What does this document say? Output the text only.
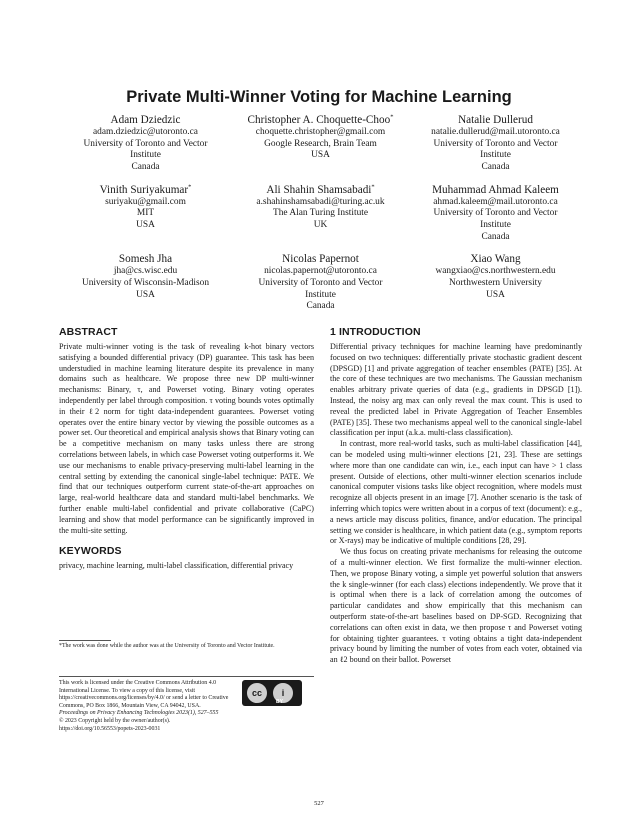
Private Multi-Winner Voting for Machine Learning
Adam Dziedzic
adam.dziedzic@utoronto.ca
University of Toronto and Vector
Institute
Canada
Christopher A. Choquette-Choo*
choquette.christopher@gmail.com
Google Research, Brain Team
USA
Natalie Dullerud
natalie.dullerud@mail.utoronto.ca
University of Toronto and Vector
Institute
Canada
Vinith Suriyakumar*
suriyaku@gmail.com
MIT
USA
Ali Shahin Shamsabadi*
a.shahinshamsabadi@turing.ac.uk
The Alan Turing Institute
UK
Muhammad Ahmad Kaleem
ahmad.kaleem@mail.utoronto.ca
University of Toronto and Vector
Institute
Canada
Somesh Jha
jha@cs.wisc.edu
University of Wisconsin-Madison
USA
Nicolas Papernot
nicolas.papernot@utoronto.ca
University of Toronto and Vector
Institute
Canada
Xiao Wang
wangxiao@cs.northwestern.edu
Northwestern University
USA
ABSTRACT

Private multi-winner voting is the task of revealing k-hot binary vectors satisfying a bounded differential privacy (DP) guarantee. This task has been understudied in machine learning literature despite its prevalence in many domains such as healthcare. We propose three new DP multi-winner mechanisms: Binary, τ, and Powerset voting. Binary voting operates independently per label through composition. τ voting bounds votes optimally in their ℓ2 norm for tight data-independent guarantees. Powerset voting operates over the entire binary vector by viewing the possible outcomes as a power set. Our theoretical and empirical analysis shows that Binary voting can be a competitive mechanism on many tasks unless there are strong correlations between labels, in which case Powerset voting outperforms it. We use our mechanisms to enable privacy-preserving multi-label learning in the central setting by extending the canonical single-label technique: PATE. We find that our techniques outperform current state-of-the-art approaches on large, real-world healthcare data and standard multi-label benchmarks. We further enable multi-label confidential and private collaborative (CaPC) learning and show that model performance can be significantly improved in the multi-site setting.

KEYWORDS

privacy, machine learning, multi-label classification, differential privacy

*The work was done while the author was at the University of Toronto and Vector Institute.
This work is licensed under the Creative Commons Attribution 4.0 International License. To view a copy of this license, visit https://creativecommons.org/licenses/by/4.0/ or send a letter to Creative Commons, PO Box 1866, Mountain View, CA 94042, USA.
Proceedings on Privacy Enhancing Technologies 2023(1), 527–555
© 2023 Copyright held by the owner/author(s).
https://doi.org/10.56553/popets-2023-0031
cc	i
BY
1 INTRODUCTION

Differential privacy techniques for machine learning have predominantly focused on two techniques: differentially private stochastic gradient descent (DPSGD) [1] and private aggregation of teacher ensembles (PATE) [35]. At the core of these techniques are two mechanisms. The Gaussian mechanism enables arbitrary private queries of data (e.g., gradients in DPSGD [1]). Instead, the noisy arg max can only reveal the max count. This is used to reveal the predicted label in Private Aggregation of Teacher Ensembles (PATE) [35]. These two mechanisms appeal well to the canonical single-label classification per input (a.k.a. multi-class classification).

In contrast, more real-world tasks, such as multi-label classification [44], can be modeled using multi-winner elections [21, 23]. These are settings where more than one candidate can win, i.e., each input can have > 1 class present. Outside of elections, other multi-winner election scenarios include canonical computer visions tasks like object recognition, where models must recognize all objects present in an image [7]. Another scenario is the task of inferring which topics were written about in a corpus of text (document): e.g., a news article may discuss politics, finance, and/or education. The principal setting we consider is healthcare, in which patient data (e.g., symptom reports or X-rays) may be indicative of multiple conditions [28, 29].

We thus focus on creating private mechanisms for releasing the outcome of a multi-winner election. We first formalize the multi-winner election. Then, we propose Binary voting, a simple yet powerful solution that answers the k single-winner (for each class) elections independently. We prove that it is optimal when there is a lack of correlation among the outcomes of particular candidates and show empirically that this mechanism can outperform state-of-the-art baselines based on DP-SGD. Recognizing that correlations can often exist in data, we then propose τ and Powerset voting for obtaining tighter guarantees. τ voting obtains a tight data-independent privacy bound by limiting the number of votes from each voter, obtained via an ℓ2 bound on their ballot. Powerset

527
